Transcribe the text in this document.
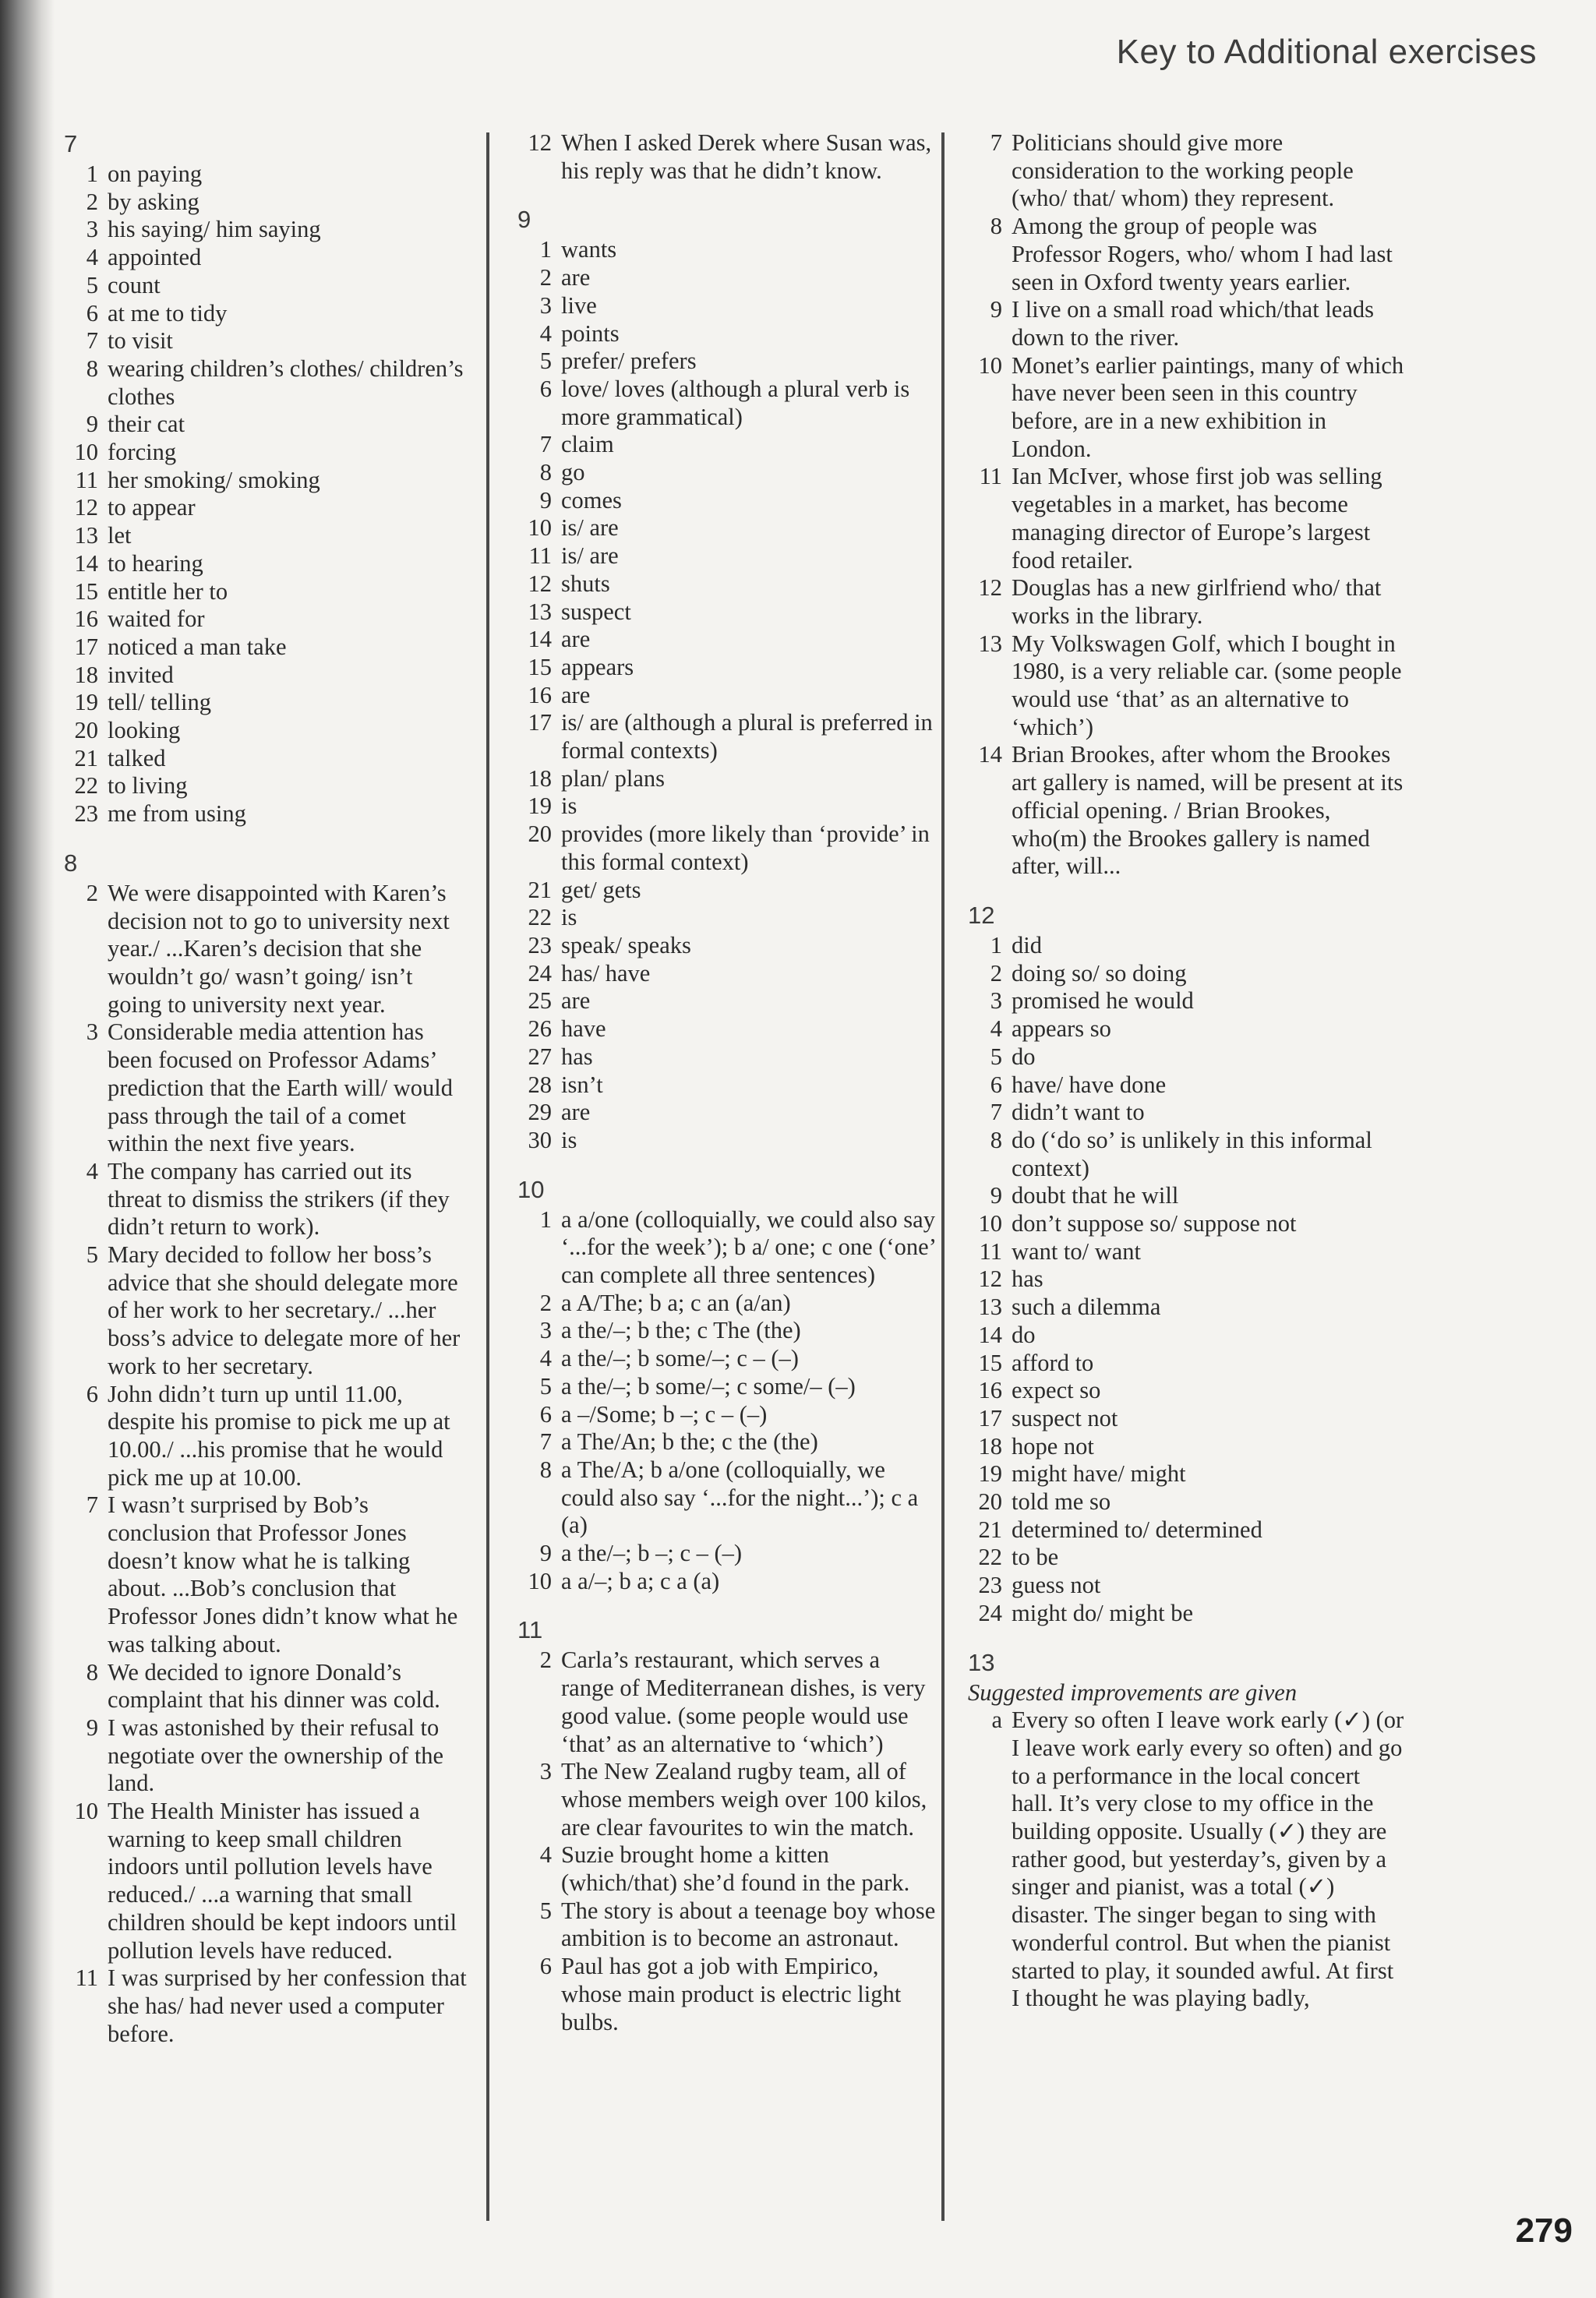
Key to Additional exercises
7
1 on paying
2 by asking
3 his saying/ him saying
4 appointed
5 count
6 at me to tidy
7 to visit
8 wearing children’s clothes/ children’s clothes
9 their cat
10 forcing
11 her smoking/ smoking
12 to appear
13 let
14 to hearing
15 entitle her to
16 waited for
17 noticed a man take
18 invited
19 tell/ telling
20 looking
21 talked
22 to living
23 me from using
8
2 We were disappointed with Karen’s decision not to go to university next year./ ...Karen’s decision that she wouldn’t go/ wasn’t going/ isn’t going to university next year.
3 Considerable media attention has been focused on Professor Adams’ prediction that the Earth will/ would pass through the tail of a comet within the next five years.
4 The company has carried out its threat to dismiss the strikers (if they didn’t return to work).
5 Mary decided to follow her boss’s advice that she should delegate more of her work to her secretary./ ...her boss’s advice to delegate more of her work to her secretary.
6 John didn’t turn up until 11.00, despite his promise to pick me up at 10.00./ ...his promise that he would pick me up at 10.00.
7 I wasn’t surprised by Bob’s conclusion that Professor Jones doesn’t know what he is talking about. ...Bob’s conclusion that Professor Jones didn’t know what he was talking about.
8 We decided to ignore Donald’s complaint that his dinner was cold.
9 I was astonished by their refusal to negotiate over the ownership of the land.
10 The Health Minister has issued a warning to keep small children indoors until pollution levels have reduced./ ...a warning that small children should be kept indoors until pollution levels have reduced.
11 I was surprised by her confession that she has/ had never used a computer before.
12 When I asked Derek where Susan was, his reply was that he didn’t know.
9
1 wants
2 are
3 live
4 points
5 prefer/ prefers
6 love/ loves (although a plural verb is more grammatical)
7 claim
8 go
9 comes
10 is/ are
11 is/ are
12 shuts
13 suspect
14 are
15 appears
16 are
17 is/ are (although a plural is preferred in formal contexts)
18 plan/ plans
19 is
20 provides (more likely than ‘provide’ in this formal context)
21 get/ gets
22 is
23 speak/ speaks
24 has/ have
25 are
26 have
27 has
28 isn’t
29 are
30 is
10
1 a a/one (colloquially, we could also say ‘...for the week’); b a/ one; c one (‘one’ can complete all three sentences)
2 a A/The; b a; c an (a/an)
3 a the/–; b the; c The (the)
4 a the/–; b some/–; c – (–)
5 a the/–; b some/–; c some/– (–)
6 a –/Some; b –; c – (–)
7 a The/An; b the; c the (the)
8 a The/A; b a/one (colloquially, we could also say ‘...for the night...’); c a (a)
9 a the/–; b –; c – (–)
10 a a/–; b a; c a (a)
11
2 Carla’s restaurant, which serves a range of Mediterranean dishes, is very good value. (some people would use ‘that’ as an alternative to ‘which’)
3 The New Zealand rugby team, all of whose members weigh over 100 kilos, are clear favourites to win the match.
4 Suzie brought home a kitten (which/that) she’d found in the park.
5 The story is about a teenage boy whose ambition is to become an astronaut.
6 Paul has got a job with Empirico, whose main product is electric light bulbs.
7 Politicians should give more consideration to the working people (who/ that/ whom) they represent.
8 Among the group of people was Professor Rogers, who/ whom I had last seen in Oxford twenty years earlier.
9 I live on a small road which/that leads down to the river.
10 Monet’s earlier paintings, many of which have never been seen in this country before, are in a new exhibition in London.
11 Ian McIver, whose first job was selling vegetables in a market, has become managing director of Europe’s largest food retailer.
12 Douglas has a new girlfriend who/ that works in the library.
13 My Volkswagen Golf, which I bought in 1980, is a very reliable car. (some people would use ‘that’ as an alternative to ‘which’)
14 Brian Brookes, after whom the Brookes art gallery is named, will be present at its official opening. / Brian Brookes, who(m) the Brookes gallery is named after, will...
12
1 did
2 doing so/ so doing
3 promised he would
4 appears so
5 do
6 have/ have done
7 didn’t want to
8 do (‘do so’ is unlikely in this informal context)
9 doubt that he will
10 don’t suppose so/ suppose not
11 want to/ want
12 has
13 such a dilemma
14 do
15 afford to
16 expect so
17 suspect not
18 hope not
19 might have/ might
20 told me so
21 determined to/ determined
22 to be
23 guess not
24 might do/ might be
13
Suggested improvements are given
a Every so often I leave work early (✓) (or I leave work early every so often) and go to a performance in the local concert hall. It’s very close to my office in the building opposite. Usually (✓) they are rather good, but yesterday’s, given by a singer and pianist, was a total (✓) disaster. The singer began to sing with wonderful control. But when the pianist started to play, it sounded awful. At first I thought he was playing badly,
279
